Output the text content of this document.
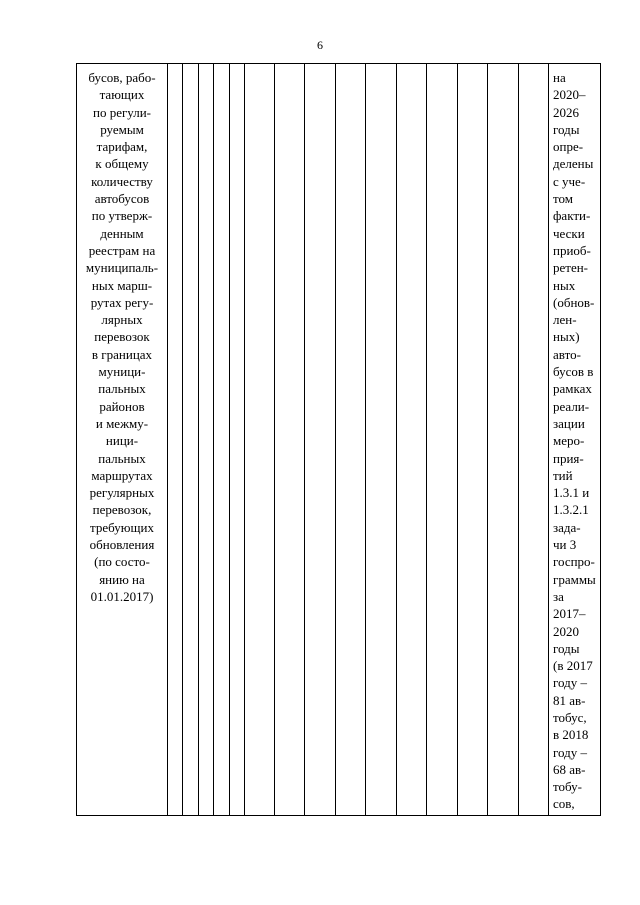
6
бусов, рабо-
тающих
по регули-
руемым
тарифам,
к общему
количеству
автобусов
по утверж-
денным
реестрам на
муниципаль-
ных марш-
рутах регу-
лярных
перевозок
в границах
муници-
пальных
районов
и межму-
ници-
пальных
маршрутах
регулярных
перевозок,
требующих
обновления
(по состо-
янию на
01.01.2017)

на
2020–
2026
годы
опре-
делены
с уче-
том
факти-
чески
приоб-
ретен-
ных
(обнов-
лен-
ных)
авто-
бусов в
рамках
реали-
зации
меро-
прия-
тий
1.3.1 и
1.3.2.1
зада-
чи 3
госпро-
граммы
за
2017–
2020
годы
(в 2017
году –
81 ав-
тобус,
в 2018
году –
68 ав-
тобу-
сов,
